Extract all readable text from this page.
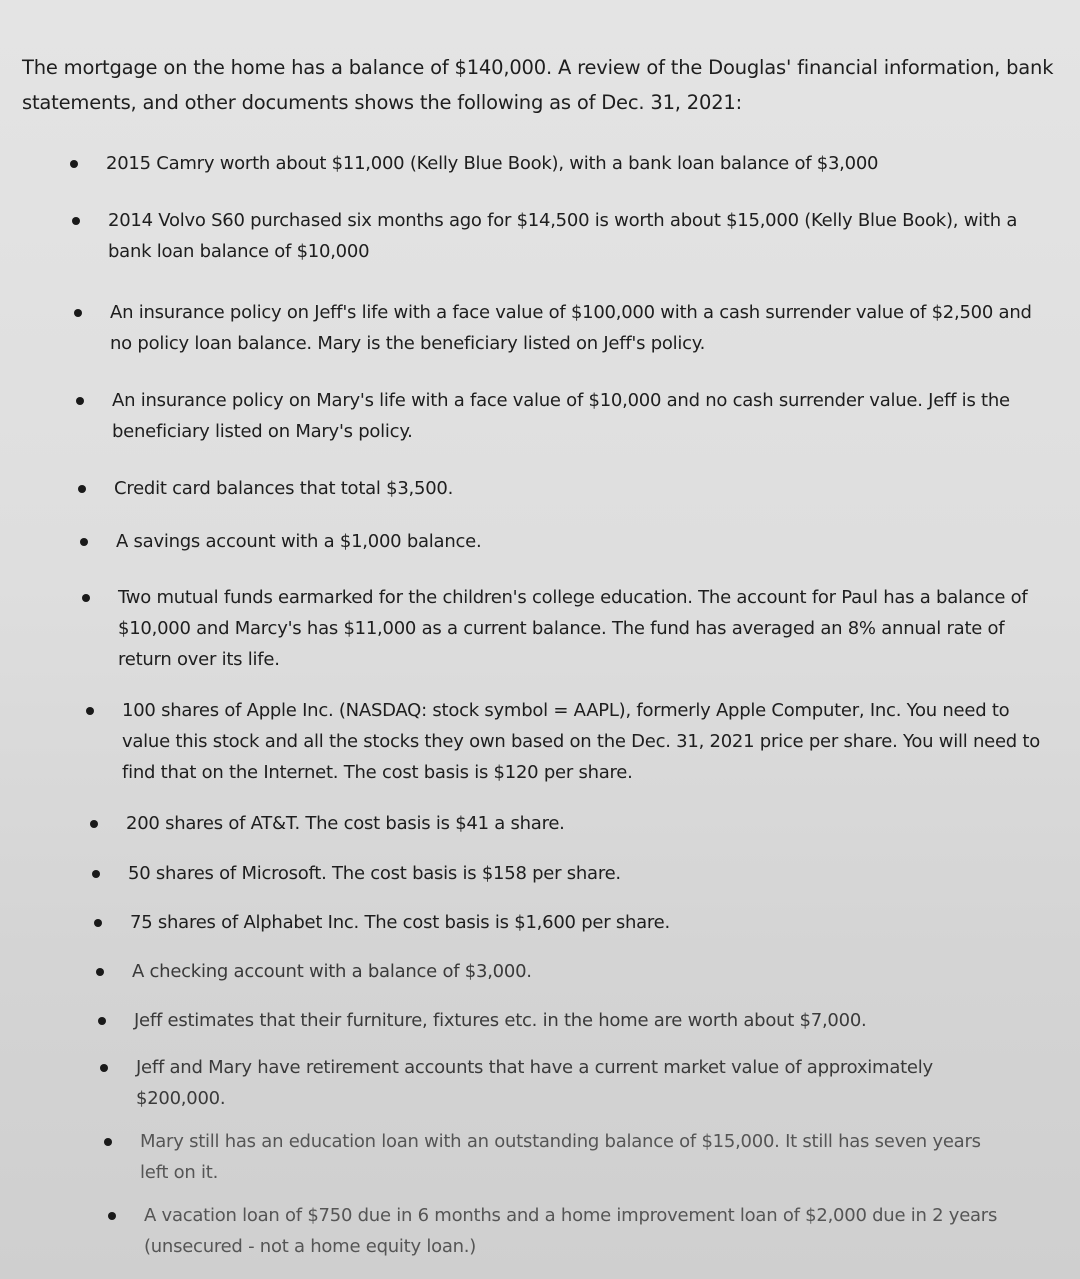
The mortgage on the home has a balance of $140,000. A review of the Douglas' financial information, bank statements, and other documents shows the following as of Dec. 31, 2021:

2015 Camry worth about $11,000 (Kelly Blue Book), with a bank loan balance of $3,000
2014 Volvo S60 purchased six months ago for $14,500 is worth about $15,000 (Kelly Blue Book), with a bank loan balance of $10,000
An insurance policy on Jeff's life with a face value of $100,000 with a cash surrender value of $2,500 and no policy loan balance. Mary is the beneficiary listed on Jeff's policy.
An insurance policy on Mary's life with a face value of $10,000 and no cash surrender value. Jeff is the beneficiary listed on Mary's policy.
Credit card balances that total $3,500.
A savings account with a $1,000 balance.
Two mutual funds earmarked for the children's college education. The account for Paul has a balance of $10,000 and Marcy's has $11,000 as a current balance. The fund has averaged an 8% annual rate of return over its life.
100 shares of Apple Inc. (NASDAQ: stock symbol = AAPL), formerly Apple Computer, Inc. You need to value this stock and all the stocks they own based on the Dec. 31, 2021 price per share. You will need to find that on the Internet. The cost basis is $120 per share.
200 shares of AT&T. The cost basis is $41 a share.
50 shares of Microsoft. The cost basis is $158 per share.
75 shares of Alphabet Inc. The cost basis is $1,600 per share.
A checking account with a balance of $3,000.
Jeff estimates that their furniture, fixtures etc. in the home are worth about $7,000.
Jeff and Mary have retirement accounts that have a current market value of approximately $200,000.
Mary still has an education loan with an outstanding balance of $15,000. It still has seven years left on it.
A vacation loan of $750 due in 6 months and a home improvement loan of $2,000 due in 2 years (unsecured - not a home equity loan.)
